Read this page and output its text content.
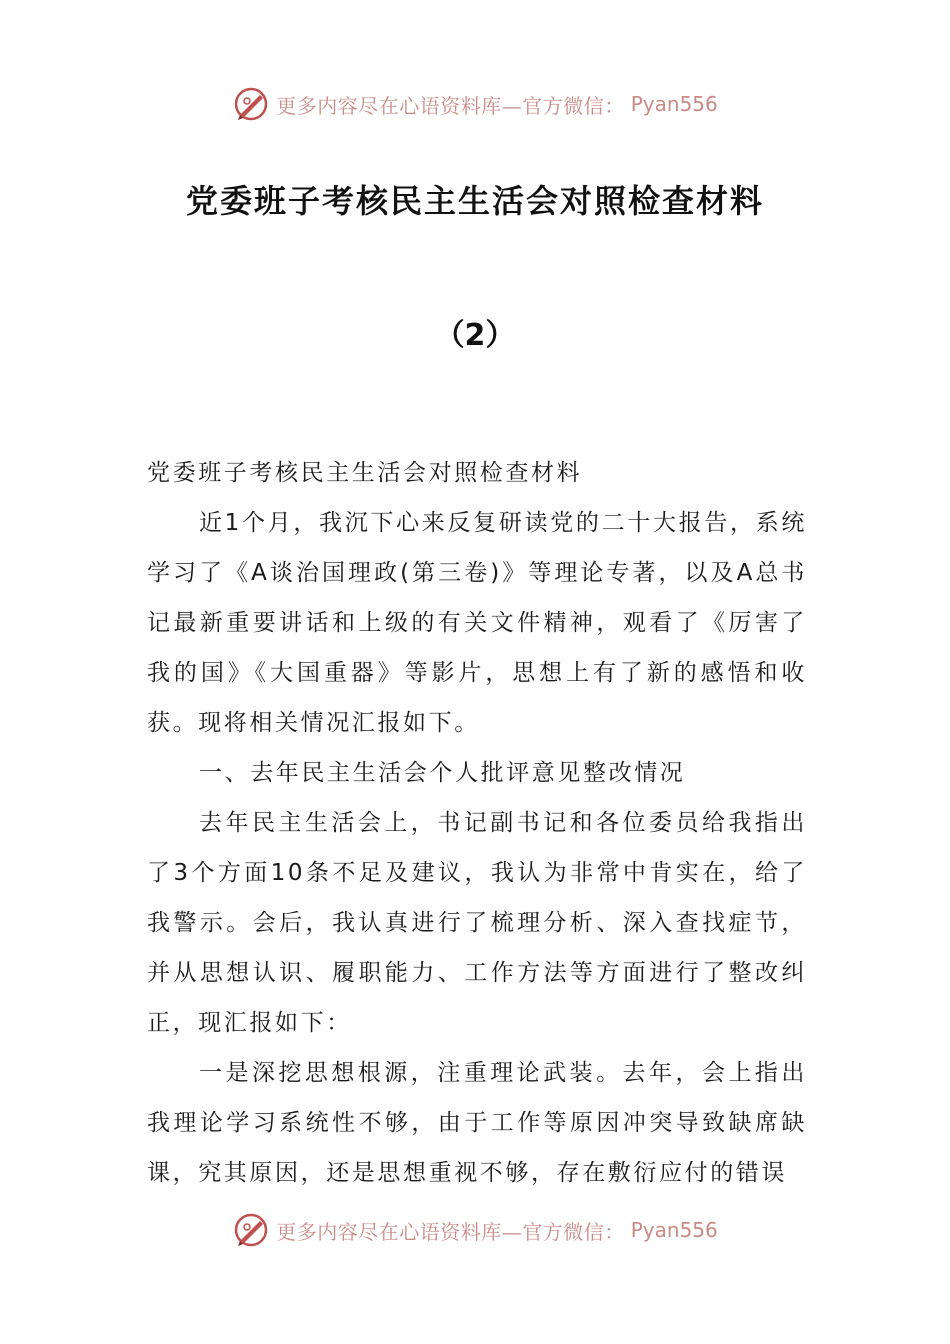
更多内容尽在心语资料库—官方微信： Pyan556
党委班子考核民主生活会对照检查材料
（2）

党委班子考核民主生活会对照检查材料

近1个月，我沉下心来反复研读党的二十大报告，系统学习了《A谈治国理政(第三卷)》等理论专著，以及A总书记最新重要讲话和上级的有关文件精神，观看了《厉害了我的国》《大国重器》等影片，思想上有了新的感悟和收获。现将相关情况汇报如下。

一、去年民主生活会个人批评意见整改情况

去年民主生活会上，书记副书记和各位委员给我指出了3个方面10条不足及建议，我认为非常中肯实在，给了我警示。会后，我认真进行了梳理分析、深入查找症节，并从思想认识、履职能力、工作方法等方面进行了整改纠正，现汇报如下：

一是深挖思想根源，注重理论武装。去年，会上指出我理论学习系统性不够，由于工作等原因冲突导致缺席缺课，究其原因，还是思想重视不够，存在敷衍应付的错误

更多内容尽在心语资料库—官方微信： Pyan556
